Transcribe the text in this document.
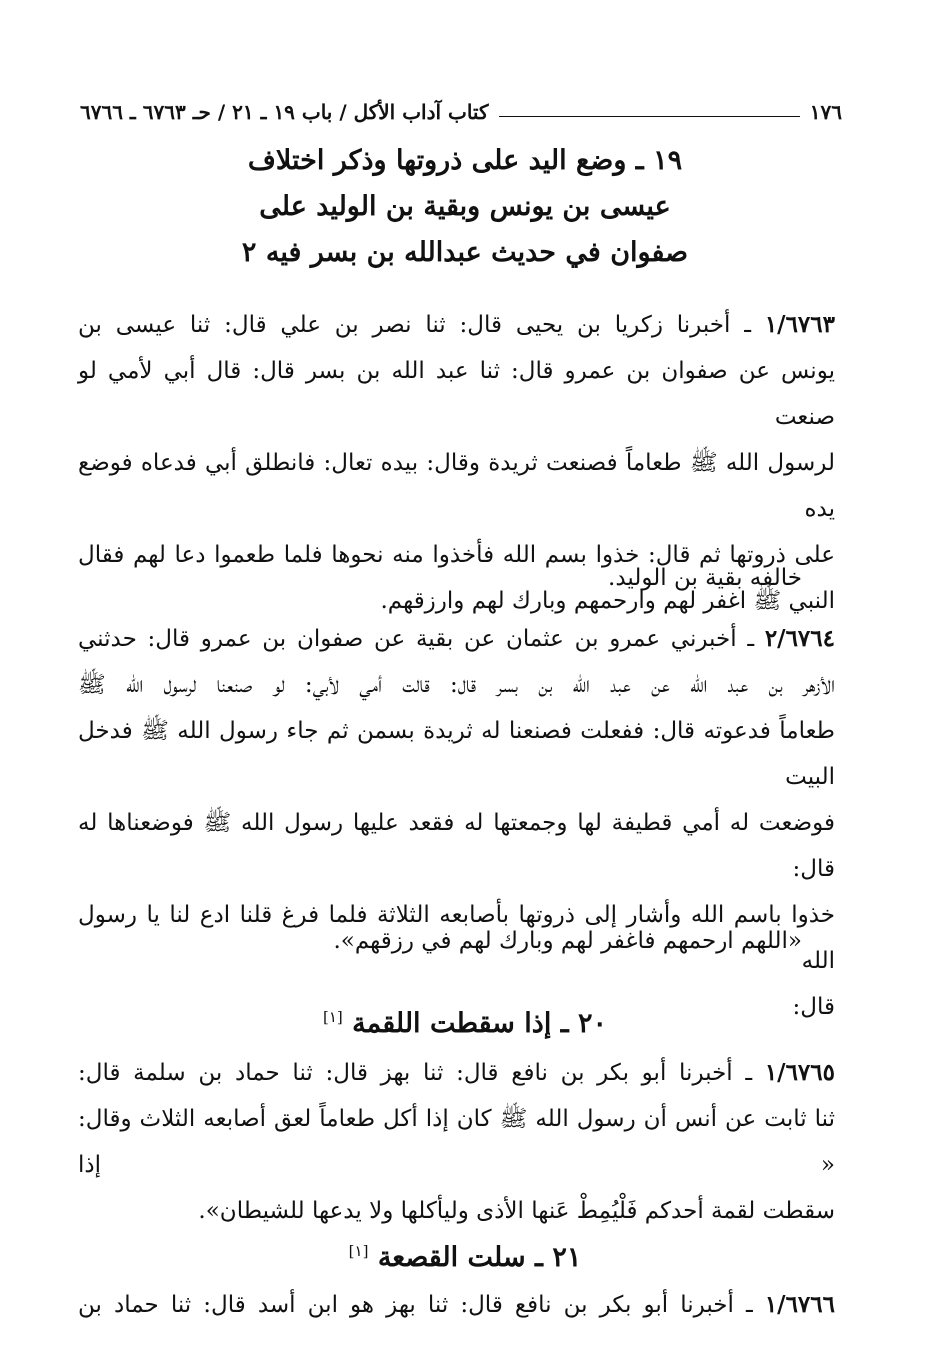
١٧٦
كتاب آداب الأكل / باب ١٩ ـ ٢١ / حـ ٦٧٦٣ ـ ٦٧٦٦
١٩ ـ وضع اليد على ذروتها وذكر اختلاف
عيسى بن يونس وبقية بن الوليد على
صفوان في حديث عبدالله بن بسر فيه ٢
١/٦٧٦٣ ـ أخبرنا زكريا بن يحيى قال: ثنا نصر بن علي قال: ثنا عيسى بن
يونس عن صفوان بن عمرو قال: ثنا عبد الله بن بسر قال: قال أبي لأمي لو صنعت
لرسول الله ﷺ طعاماً فصنعت ثريدة وقال: بيده تعال: فانطلق أبي فدعاه فوضع يده
على ذروتها ثم قال: خذوا بسم الله فأخذوا منه نحوها فلما طعموا دعا لهم فقال
النبي ﷺ اغفر لهم وارحمهم وبارك لهم وارزقهم.
خالفه بقية بن الوليد.
٢/٦٧٦٤ ـ أخبرني عمرو بن عثمان عن بقية عن صفوان بن عمرو قال: حدثني
الأزهر بن عبد الله عن عبد الله بن بسر قال: قالت أمي لأبي: لو صنعنا لرسول الله ﷺ
طعاماً فدعوته قال: ففعلت فصنعنا له ثريدة بسمن ثم جاء رسول الله ﷺ فدخل البيت
فوضعت له أمي قطيفة لها وجمعتها له فقعد عليها رسول الله ﷺ فوضعناها له قال:
خذوا باسم الله وأشار إلى ذروتها بأصابعه الثلاثة فلما فرغ قلنا ادع لنا يا رسول الله
قال:
«اللهم ارحمهم فاغفر لهم وبارك لهم في رزقهم».
٢٠ ـ إذا سقطت اللقمة [١]
١/٦٧٦٥ ـ أخبرنا أبو بكر بن نافع قال: ثنا بهز قال: ثنا حماد بن سلمة قال:
ثنا ثابت عن أنس أن رسول الله ﷺ كان إذا أكل طعاماً لعق أصابعه الثلاث وقال: « إذا
سقطت لقمة أحدكم فَلْيُمِطْ عَنها الأذى وليأكلها ولا يدعها للشيطان».
٢١ ـ سلت القصعة [١]
١/٦٧٦٦ ـ أخبرنا أبو بكر بن نافع قال: ثنا بهز هو ابن أسد قال: ثنا حماد بن
